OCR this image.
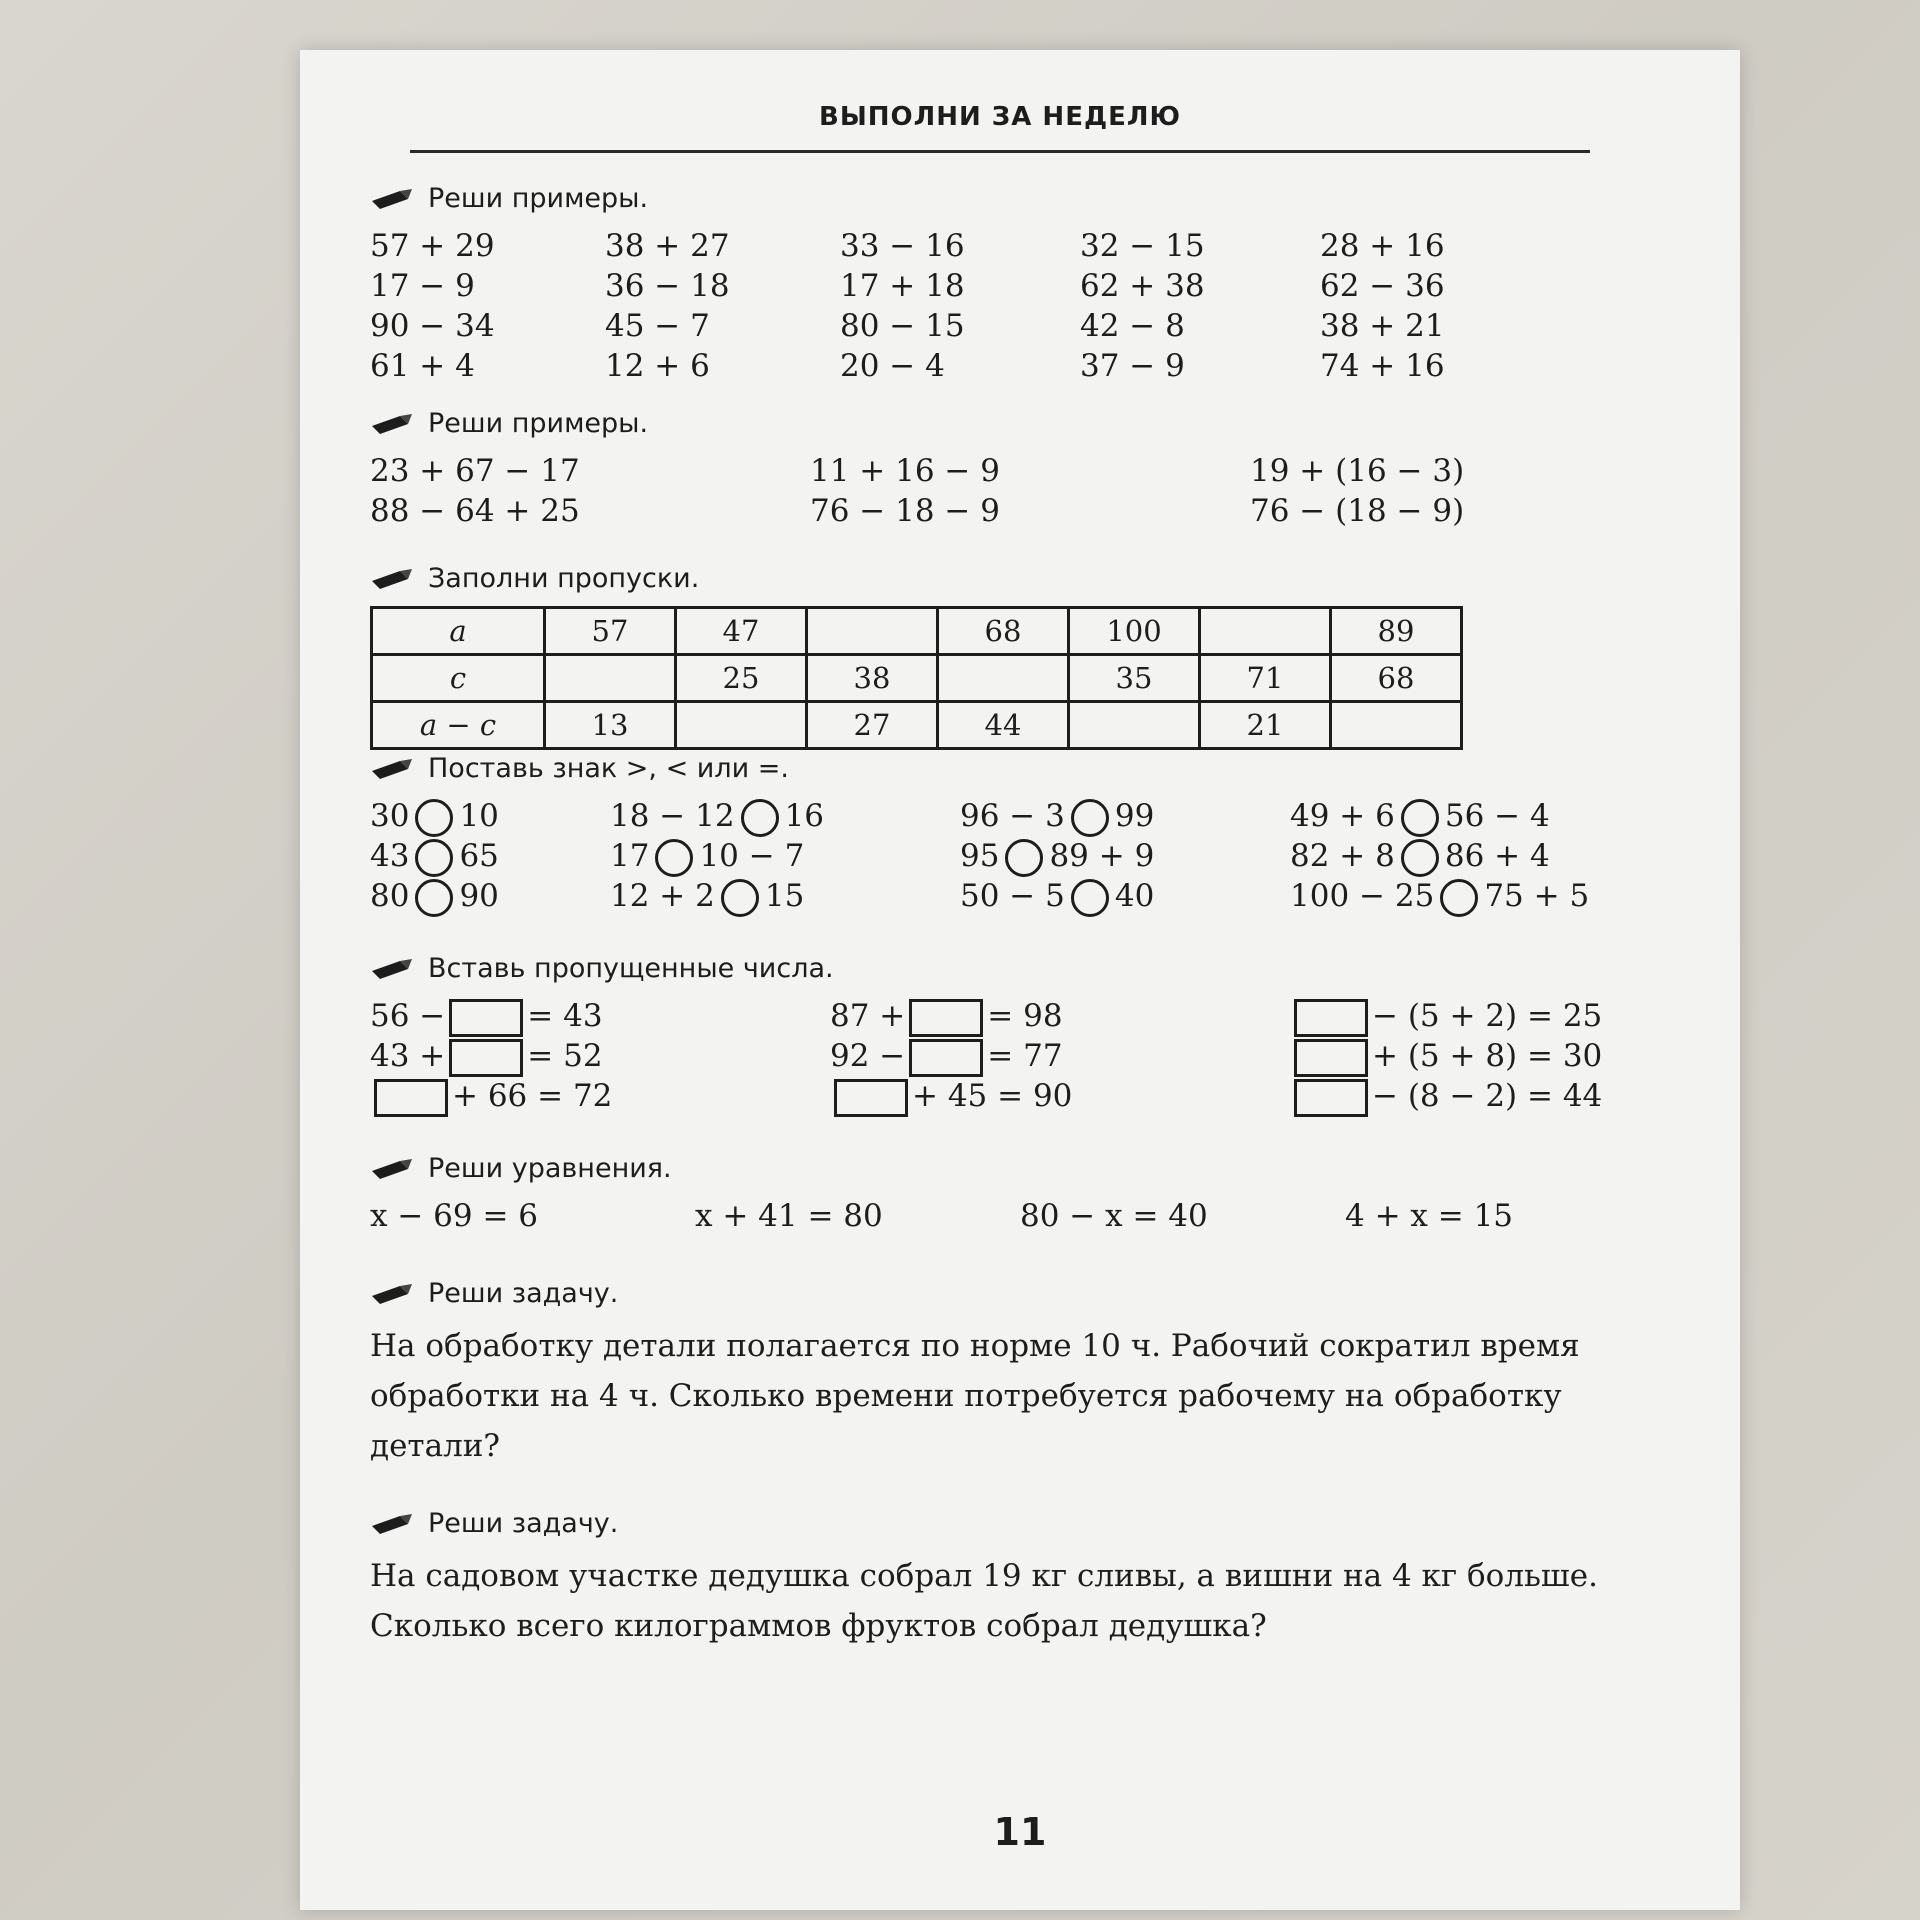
ВЫПОЛНИ ЗА НЕДЕЛЮ
Реши примеры.
57 + 29
17 − 9
90 − 34
61 + 4
38 + 27
36 − 18
45 − 7
12 + 6
33 − 16
17 + 18
80 − 15
20 − 4
32 − 15
62 + 38
42 − 8
37 − 9
28 + 16
62 − 36
38 + 21
74 + 16
Реши примеры.
23 + 67 − 17
88 − 64 + 25
11 + 16 − 9
76 − 18 − 9
19 + (16 − 3)
76 − (18 − 9)
Заполни пропуски.
a	57	47		68	100		89
c		25	38		35	71	68
a − c	13		27	44		21	
Поставь знак >, < или =.
30 10
43 65
80 90
18 − 12 16
17 10 − 7
12 + 2 15
96 − 3 99
95 89 + 9
50 − 5 40
49 + 6 56 − 4
82 + 8 86 + 4
100 − 25 75 + 5
Вставь пропущенные числа.
56 −	= 43
43 +	= 52
+ 66 = 72
87 +	= 98
92 −	= 77
+ 45 = 90
− (5 + 2) = 25
+ (5 + 8) = 30
− (8 − 2) = 44
Реши уравнения.
x − 69 = 6	x + 41 = 80	80 − x = 40	4 + x = 15
Реши задачу.
На обработку детали полагается по норме 10 ч. Рабочий сократил время обработки на 4 ч. Сколько времени потребуется рабочему на обработку детали?
Реши задачу.
На садовом участке дедушка собрал 19 кг сливы, а вишни на 4 кг больше. Сколько всего килограммов фруктов собрал дедушка?
11
